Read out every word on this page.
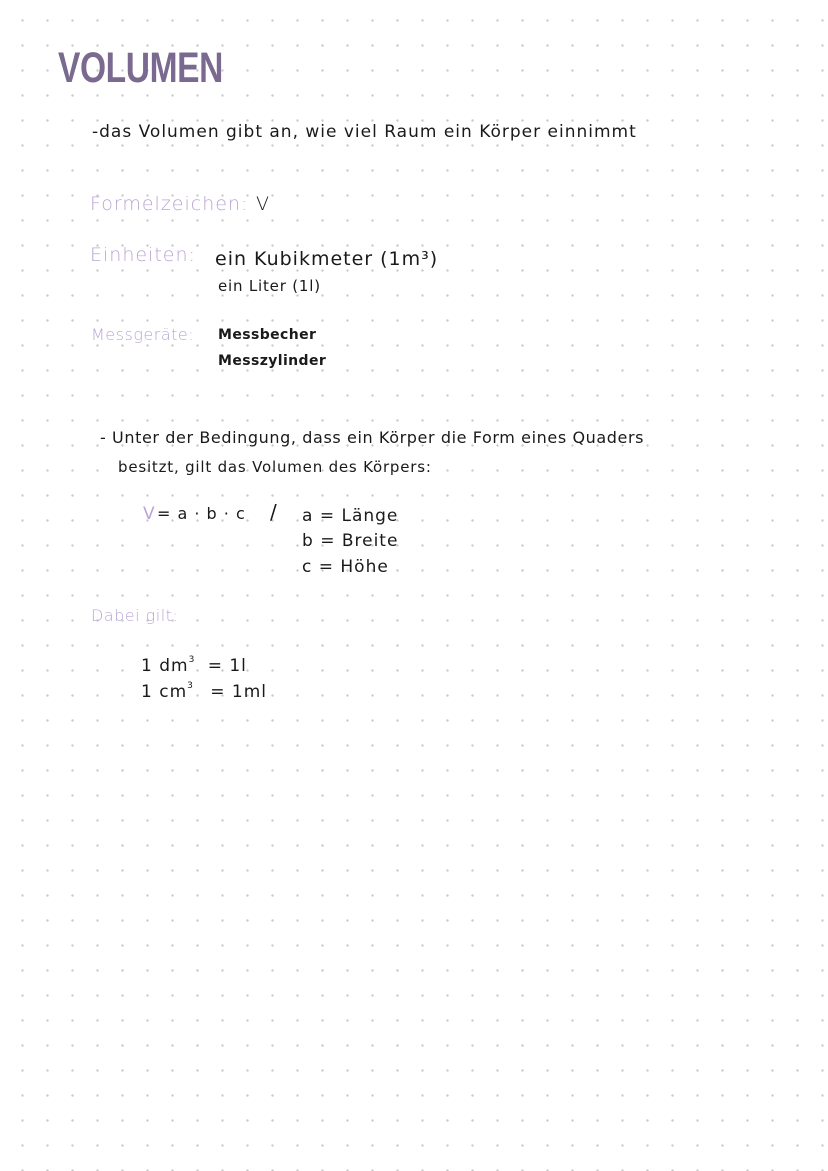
VOLUMEN
-das Volumen gibt an, wie viel Raum ein Körper einnimmt
Formelzeichen: V
Einheiten: ein Kubikmeter (1m³)
ein Liter (1l)
Messgeräte: Messbecher
Messzylinder
- Unter der Bedingung, dass ein Körper die Form eines Quaders
besitzt, gilt das Volumen des Körpers:
V = a · b · c / a = Länge
b = Breite
c = Höhe
Dabei gilt:
1 $dm^3 = 1l$
1 $cm^3 = 1ml$
